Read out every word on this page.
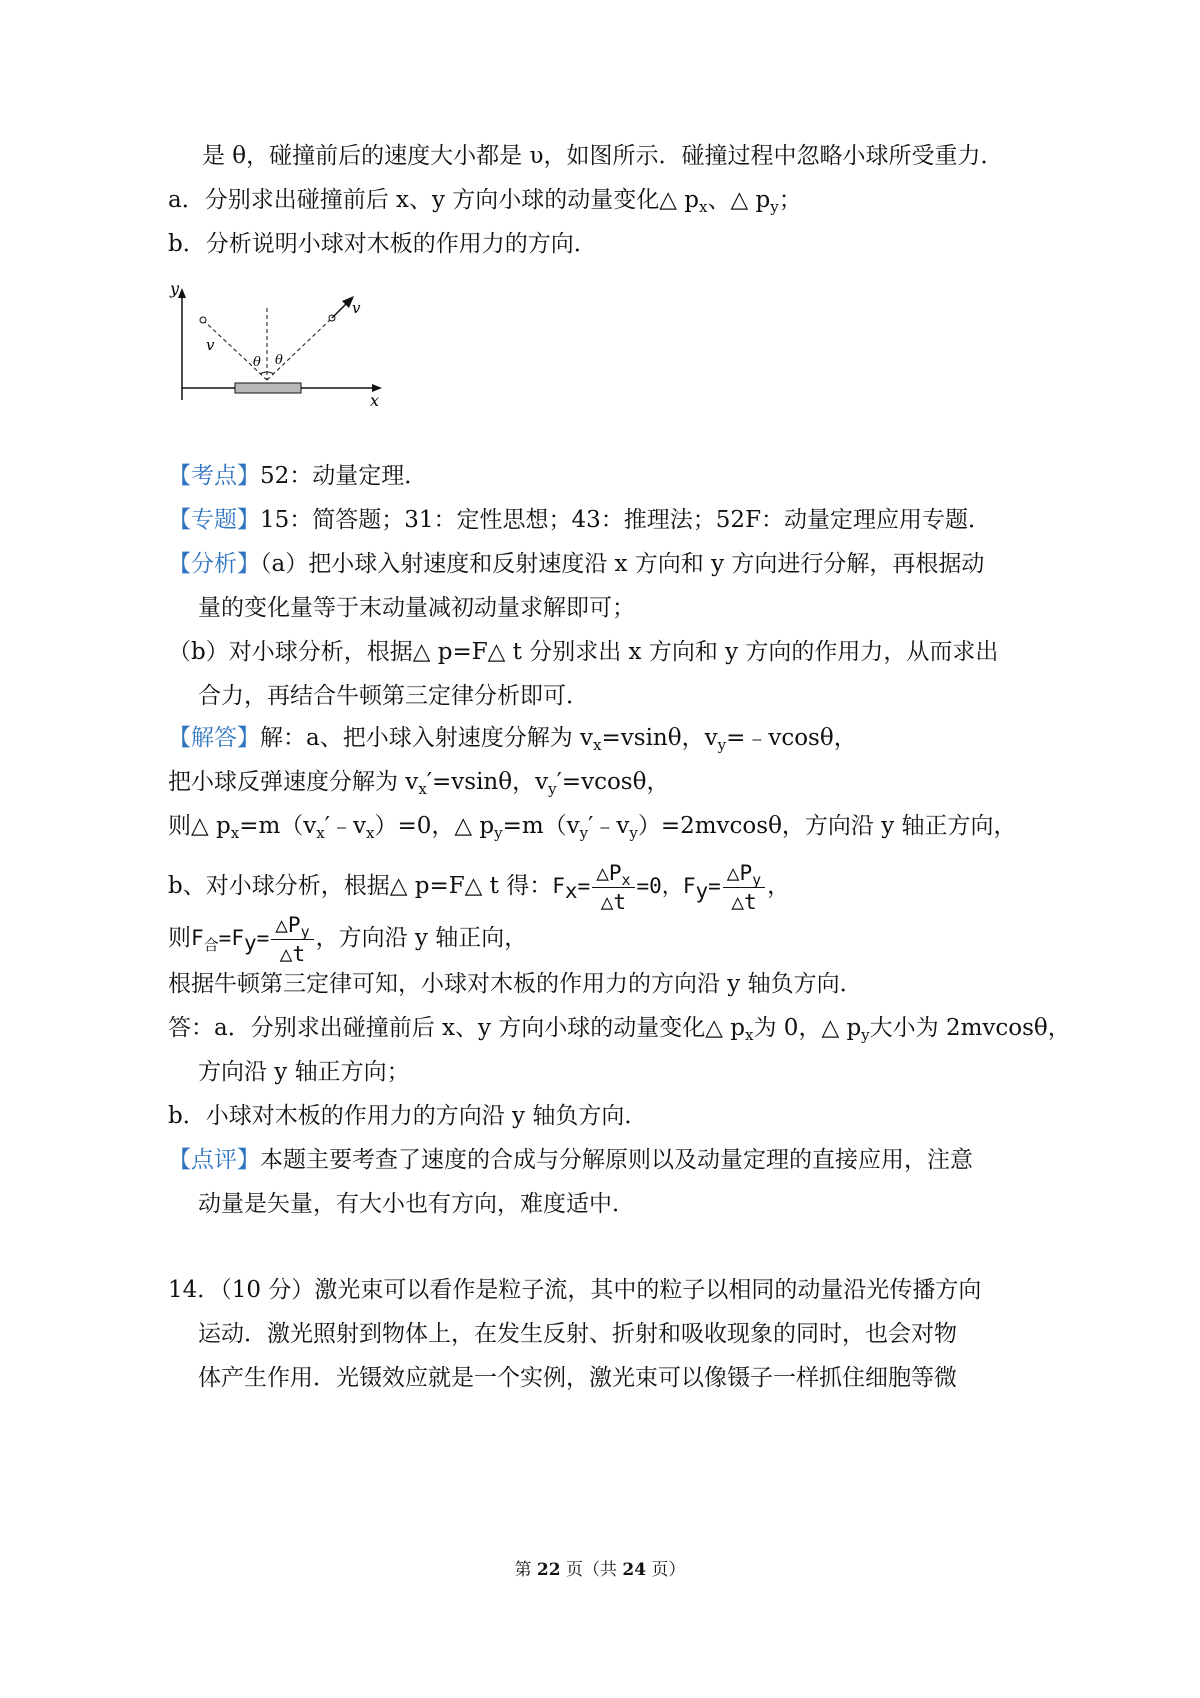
是 θ，碰撞前后的速度大小都是 υ，如图所示．碰撞过程中忽略小球所受重力．
a．分别求出碰撞前后 x、y 方向小球的动量变化△ $p_x$、△ $p_y$；
b．分析说明小球对木板的作用力的方向．
y
x
v
v
θ θ
【考点】52：动量定理．
【专题】15：简答题；31：定性思想；43：推理法；52F：动量定理应用专题．
【分析】（a）把小球入射速度和反射速度沿 x 方向和 y 方向进行分解，再根据动
量的变化量等于末动量减初动量求解即可；
（b）对小球分析，根据△ p=F△ t 分别求出 x 方向和 y 方向的作用力，从而求出
合力，再结合牛顿第三定律分析即可．
【解答】解：a、把小球入射速度分解为 $v_x=vsin\theta$，$v_y=﹣vcos\theta$，
把小球反弹速度分解为 $v_x'=vsin\theta$，$v_y'=vcos\theta$，
则△ $p_x=m(v_x'﹣v_x)=0$，△ $p_y=m(v_y'﹣v_y)=2mvcos\theta$，方向沿 y 轴正方向，
b、对小球分析，根据△ p=F△ t 得：$F_x= \frac{\triangle P_x}{\triangle t} =0$，$F_y= \frac{\triangle P_y}{\triangle t}$ ，
则$F_合=F_y= \frac{\triangle P_y}{\triangle t}$ ，方向沿 y 轴正向，
根据牛顿第三定律可知，小球对木板的作用力的方向沿 y 轴负方向．
答：a．分别求出碰撞前后 x、y 方向小球的动量变化△ $p_x$为 0，△ $p_y$大小为 2mvcosθ，
方向沿 y 轴正方向；
b．小球对木板的作用力的方向沿 y 轴负方向．
【点评】本题主要考查了速度的合成与分解原则以及动量定理的直接应用，注意
动量是矢量，有大小也有方向，难度适中．
14．（10 分）激光束可以看作是粒子流，其中的粒子以相同的动量沿光传播方向
运动．激光照射到物体上，在发生反射、折射和吸收现象的同时，也会对物
体产生作用．光镊效应就是一个实例，激光束可以像镊子一样抓住细胞等微
第 22 页（共 24 页）
